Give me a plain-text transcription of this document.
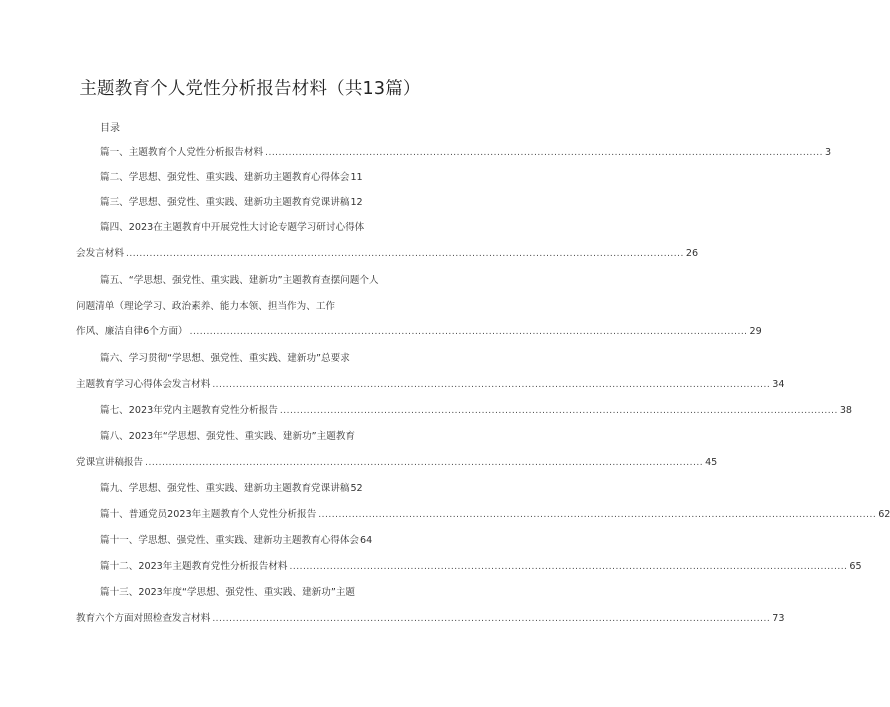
主题教育个人党性分析报告材料（共13篇）
目录
篇一、主题教育个人党性分析报告材料 ...................................................................................................................................................................... 3
篇二、学思想、强党性、重实践、建新功主题教育心得体会11
篇三、学思想、强党性、重实践、建新功主题教育党课讲稿12
篇四、2023在主题教育中开展党性大讨论专题学习研讨心得体
会发言材料 ...................................................................................................................................................................... 26
篇五、“学思想、强党性、重实践、建新功”主题教育查摆问题个人
问题清单（理论学习、政治素养、能力本领、担当作为、工作
作风、廉洁自律6个方面） ...................................................................................................................................................................... 29
篇六、学习贯彻“学思想、强党性、重实践、建新功”总要求
主题教育学习心得体会发言材料 ...................................................................................................................................................................... 34
篇七、2023年党内主题教育党性分析报告 ...................................................................................................................................................................... 38
篇八、2023年“学思想、强党性、重实践、建新功”主题教育
党课宣讲稿报告 ...................................................................................................................................................................... 45
篇九、学思想、强党性、重实践、建新功主题教育党课讲稿52
篇十、普通党员2023年主题教育个人党性分析报告 ...................................................................................................................................................................... 62
篇十一、学思想、强党性、重实践、建新功主题教育心得体会64
篇十二、2023年主题教育党性分析报告材料 ...................................................................................................................................................................... 65
篇十三、2023年度“学思想、强党性、重实践、建新功”主题
教育六个方面对照检查发言材料 ...................................................................................................................................................................... 73
